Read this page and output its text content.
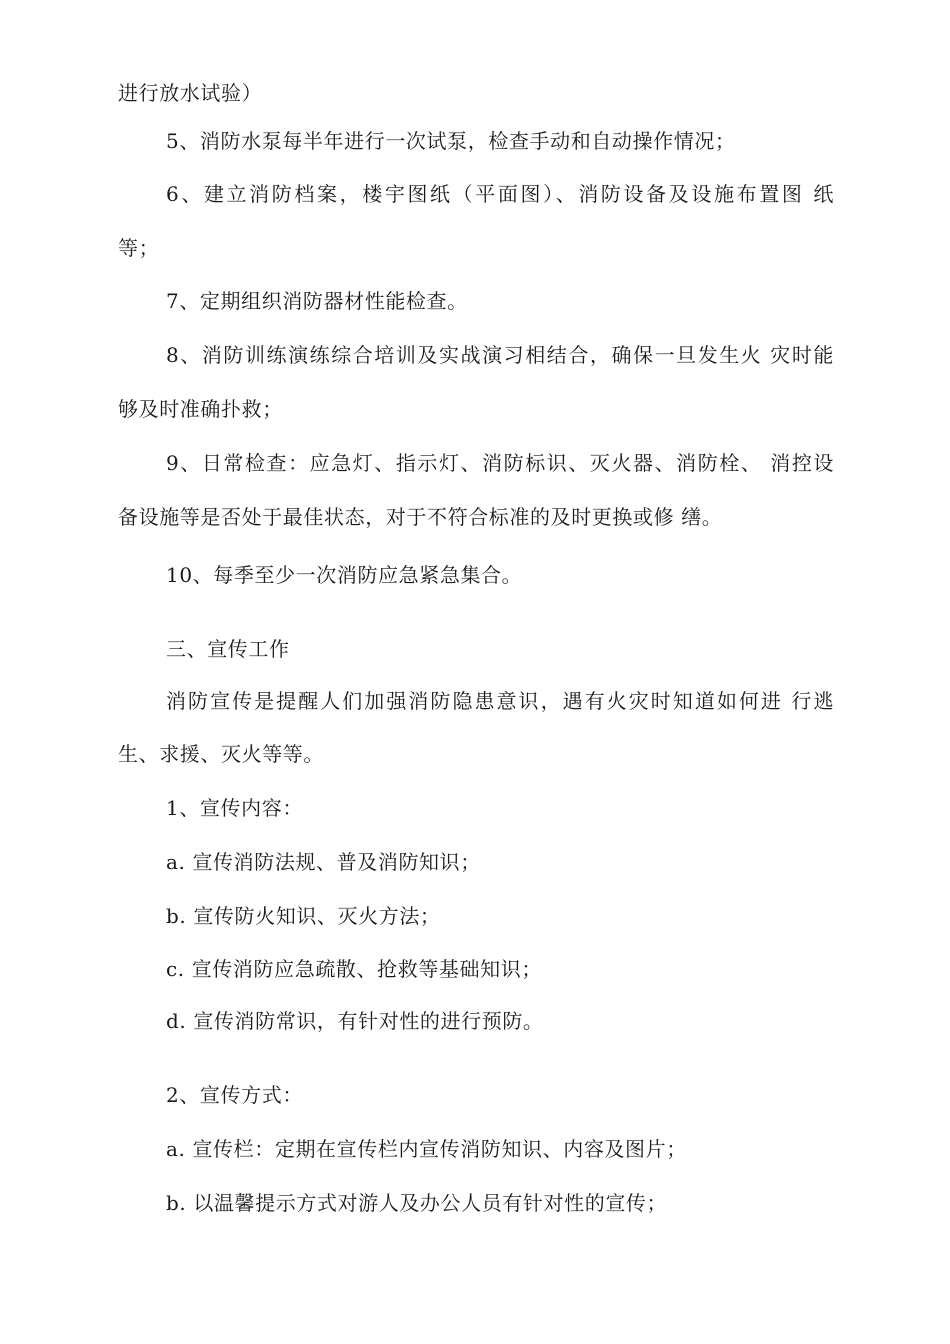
进行放水试验）
5、消防水泵每半年进行一次试泵，检查手动和自动操作情况；
6、建立消防档案，楼宇图纸（平面图）、消防设备及设施布置图 纸
等；
7、定期组织消防器材性能检查。
8、消防训练演练综合培训及实战演习相结合，确保一旦发生火 灾时能
够及时准确扑救；
9、日常检查：应急灯、指示灯、消防标识、灭火器、消防栓、 消控设
备设施等是否处于最佳状态，对于不符合标准的及时更换或修 缮。
10、每季至少一次消防应急紧急集合。
三、宣传工作
消防宣传是提醒人们加强消防隐患意识，遇有火灾时知道如何进 行逃
生、求援、灭火等等。
1、宣传内容：
a. 宣传消防法规、普及消防知识；
b. 宣传防火知识、灭火方法；
c. 宣传消防应急疏散、抢救等基础知识；
d. 宣传消防常识，有针对性的进行预防。
2、宣传方式：
a. 宣传栏：定期在宣传栏内宣传消防知识、内容及图片；
b. 以温馨提示方式对游人及办公人员有针对性的宣传；
